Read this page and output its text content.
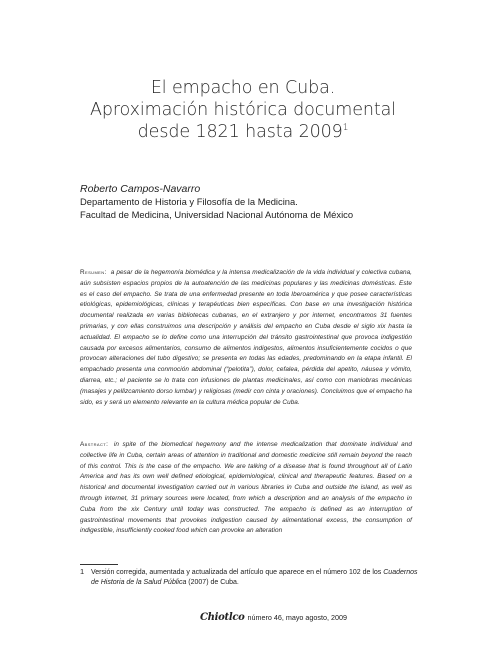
El empacho en Cuba.
Aproximación histórica documental
desde 1821 hasta 2009$^1$
Roberto Campos-Navarro
Departamento de Historia y Filosofía de la Medicina.
Facultad de Medicina, Universidad Nacional Autónoma de México
Resumen: a pesar de la hegemonía biomédica y la intensa medicalización de la vida individual y colectiva cubana, aún subsisten espacios propios de la autoatención de las medicinas populares y las medicinas domésticas. Este es el caso del empacho. Se trata de una enfermedad presente en toda Iberoamérica y que posee características etiológicas, epidemiológicas, clínicas y terapéuticas bien específicas. Con base en una investigación histórica documental realizada en varias bibliotecas cubanas, en el extranjero y por internet, encontramos 31 fuentes primarias, y con ellas construimos una descripción y análisis del empacho en Cuba desde el siglo xix hasta la actualidad. El empacho se lo define como una interrupción del tránsito gastrointestinal que provoca indigestión causada por excesos alimentarios, consumo de alimentos indigestos, alimentos insuficientemente cocidos o que provocan alteraciones del tubo digestivo; se presenta en todas las edades, predominando en la etapa infantil. El empachado presenta una conmoción abdominal (“pelotita”), dolor, cefalea, pérdida del apetito, náusea y vómito, diarrea, etc.; el paciente se lo trata con infusiones de plantas medicinales, así como con maniobras mecánicas (masajes y pellizcamiento dorso lumbar) y religiosas (medir con cinta y oraciones). Concluimos que el empacho ha sido, es y será un elemento relevante en la cultura médica popular de Cuba.
Abstract: in spite of the biomedical hegemony and the intense medicalization that dominate individual and collective life in Cuba, certain areas of attention in traditional and domestic medicine still remain beyond the reach of this control. This is the case of the empacho. We are talking of a disease that is found throughout all of Latin America and has its own well defined etiological, epidemiological, clinical and therapeutic features. Based on a historical and documental investigation carried out in various libraries in Cuba and outside the island, as well as through internet, 31 primary sources were located, from which a description and an analysis of the empacho in Cuba from the xix Century until today was constructed. The empacho is defined as an interruption of gastrointestinal movements that provokes indigestion caused by alimentational excess, the consumption of indigestible, insufficiently cooked food which can provoke an alteration
1 Versión corregida, aumentada y actualizada del artículo que aparece en el número 102 de los Cuadernos de Historia de la Salud Pública (2007) de Cuba.
Chiotlco número 46, mayo agosto, 2009
